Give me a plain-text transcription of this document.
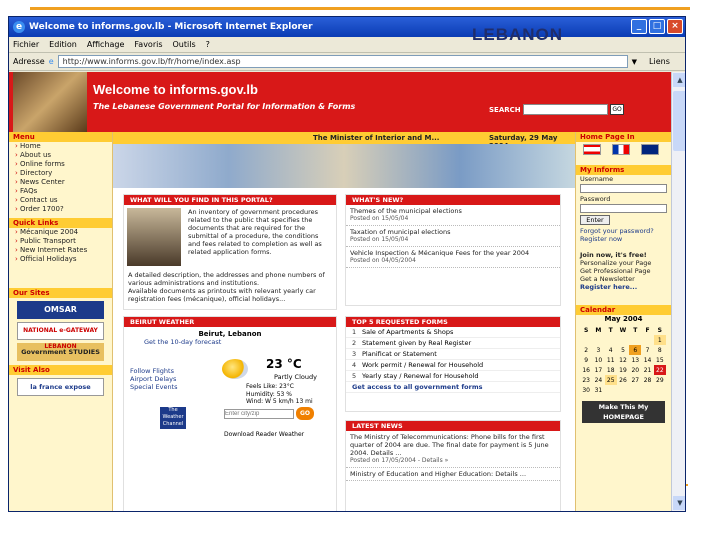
LEBANON
e Welcome to informs.gov.lb - Microsoft Internet Explorer	_	□	×
Fichier Edition Affichage Favoris Outils ?
Adresse e	http://www.informs.gov.lb/fr/home/index.asp	▼ Liens
Welcome to informs.gov.lb
The Lebanese Government Portal for Information & Forms	SEARCH	GO
Menu
› Home
› About us
› Online forms
› Directory
› News Center
› FAQs
› Contact us
› Order 1700?
Quick Links
› Mécanique 2004
› Public Transport
› New Internet Rates
› Official Holidays
Our Sites
OMSAR
NATIONAL e-GATEWAY
Government STUDIES
Visit Also
la france expose
The Minister of Interior and M...	Saturday, 29 May
WHAT WILL YOU FIND IN THIS PORTAL?

An inventory of government procedures related to the public that specifies the documents that are required for the submittal of a procedure, the conditions and fees related to completion as well as related application forms.

A detailed description, the addresses and phone numbers of various administrations and institutions.

Available documents as printouts with relevant yearly car registration fees (mécanique), official holidays...

WHAT'S NEW?
Themes of the municipal elections
Posted on 15/05/04
Taxation of municipal elections
Posted on 15/05/04
Vehicle Inspection & Mécanique Fees for the year 2004
Posted on 04/05/2004
BEIRUT WEATHER
Beirut, Lebanon
Get the 10-day forecast
Follow Flights
Airport Delays
Special Events
23 °C
Partly Cloudy
Feels Like: 23°C
Humidity: 53 %
Wind: W 5 km/h 13 mi
The Weather Channel
Enter city/zip
GO
Download Reader Weather
TOP 5 REQUESTED FORMS
1 Sale of Apartments & Shops
2 Statement given by Real Register
3 Planificat or Statement
4 Work permit / Renewal for Household
5 Yearly stay / Renewal for Household
Get access to all government forms
LATEST NEWS
The Ministry of Telecommunications: Phone bills for the first quarter of 2004 are due. The final date for payment is 5 June 2004. Details ...
Posted on 17/05/2004 - Details »
Ministry of Education and Higher Education: Details ...
Home Page In

My Informs
Username
Password
Enter
Forgot your password?
Register now
Join now, it's free!
Personalize your Page
Get Professional Page
Get a Newsletter
Register here...
Calendar
May 2004
S	M	T	W	T	F	S
						1
2	3	4	5	6	7	8
9	10	11	12	13	14	15
16	17	18	19	20	21	22
23	24	25	26	27	28	29
30	31					
Make This My HOMEPAGE
▲
▼
